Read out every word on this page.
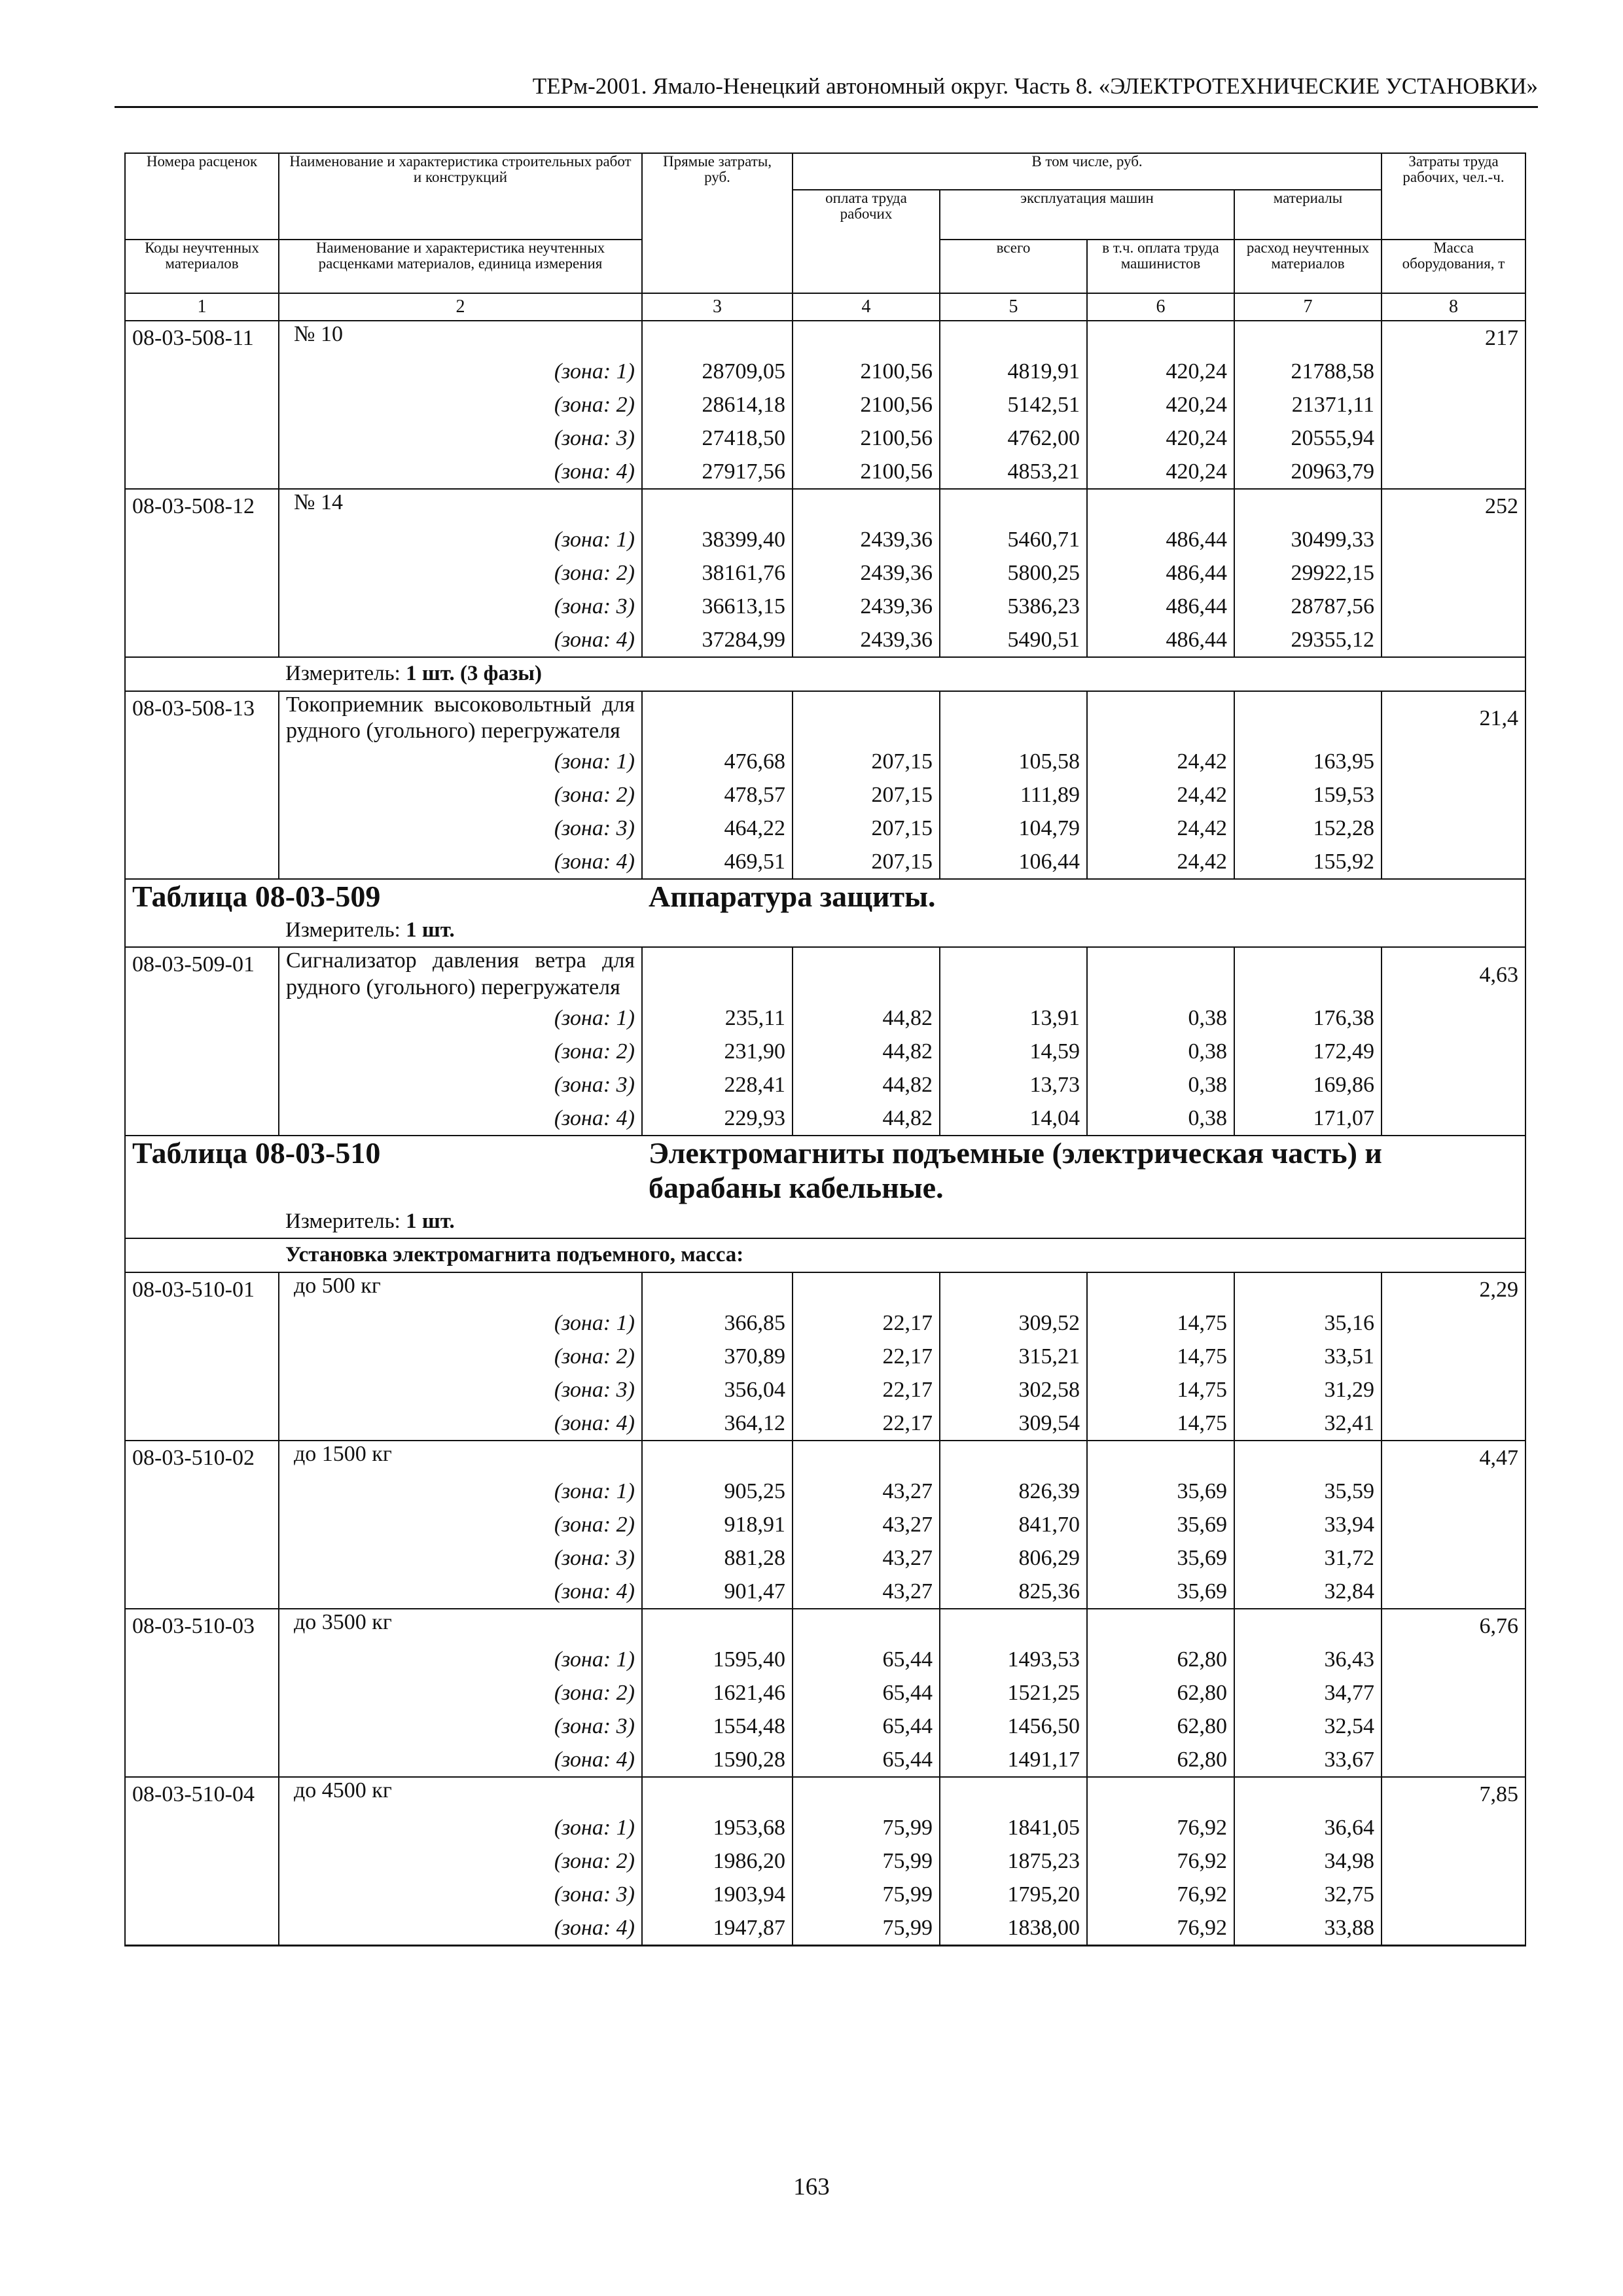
ТЕРм-2001. Ямало-Ненецкий автономный округ. Часть 8. «ЭЛЕКТРОТЕХНИЧЕСКИЕ УСТАНОВКИ»
Номера расценок	Наименование и характеристика строительных работ и конструкций	Прямые затраты, руб.	В том числе, руб.				Затраты труда рабочих, чел.-ч.
			оплата труда рабочих	эксплуатация машин		материалы	
Коды неучтенных материалов	Наименование и характеристика неучтенных расценками материалов, единица измерения			всего	в т.ч. оплата труда машинистов	расход неучтенных материалов	Масса оборудования, т

1	2	3	4	5	6	7	8
08-03-508-11	№ 10						217
	(зона: 1)	28709,05	2100,56	4819,91	420,24	21788,58	
	(зона: 2)	28614,18	2100,56	5142,51	420,24	21371,11	
	(зона: 3)	27418,50	2100,56	4762,00	420,24	20555,94	
	(зона: 4)	27917,56	2100,56	4853,21	420,24	20963,79	
08-03-508-12	№ 14						252
	(зона: 1)	38399,40	2439,36	5460,71	486,44	30499,33	
	(зона: 2)	38161,76	2439,36	5800,25	486,44	29922,15	
	(зона: 3)	36613,15	2439,36	5386,23	486,44	28787,56	
	(зона: 4)	37284,99	2439,36	5490,51	486,44	29355,12	
	Измеритель: 1 шт. (3 фазы)						
08-03-508-13	Токоприемник высоковольтный для рудного (угольного) перегружателя						21,4
	(зона: 1)	476,68	207,15	105,58	24,42	163,95	
	(зона: 2)	478,57	207,15	111,89	24,42	159,53	
	(зона: 3)	464,22	207,15	104,79	24,42	152,28	
	(зона: 4)	469,51	207,15	106,44	24,42	155,92	
Таблица 08-03-509		Аппаратура защиты.					
	Измеритель: 1 шт.						
08-03-509-01	Сигнализатор давления ветра для рудного (угольного) перегружателя						4,63
	(зона: 1)	235,11	44,82	13,91	0,38	176,38	
	(зона: 2)	231,90	44,82	14,59	0,38	172,49	
	(зона: 3)	228,41	44,82	13,73	0,38	169,86	
	(зона: 4)	229,93	44,82	14,04	0,38	171,07	
Таблица 08-03-510		Электромагниты подъемные (электрическая часть) и барабаны кабельные.					
	Измеритель: 1 шт.						
	Установка электромагнита подъемного, масса:						
08-03-510-01	до 500 кг						2,29
	(зона: 1)	366,85	22,17	309,52	14,75	35,16	
	(зона: 2)	370,89	22,17	315,21	14,75	33,51	
	(зона: 3)	356,04	22,17	302,58	14,75	31,29	
	(зона: 4)	364,12	22,17	309,54	14,75	32,41	
08-03-510-02	до 1500 кг						4,47
	(зона: 1)	905,25	43,27	826,39	35,69	35,59	
	(зона: 2)	918,91	43,27	841,70	35,69	33,94	
	(зона: 3)	881,28	43,27	806,29	35,69	31,72	
	(зона: 4)	901,47	43,27	825,36	35,69	32,84	
08-03-510-03	до 3500 кг						6,76
	(зона: 1)	1595,40	65,44	1493,53	62,80	36,43	
	(зона: 2)	1621,46	65,44	1521,25	62,80	34,77	
	(зона: 3)	1554,48	65,44	1456,50	62,80	32,54	
	(зона: 4)	1590,28	65,44	1491,17	62,80	33,67	
08-03-510-04	до 4500 кг						7,85
	(зона: 1)	1953,68	75,99	1841,05	76,92	36,64	
	(зона: 2)	1986,20	75,99	1875,23	76,92	34,98	
	(зона: 3)	1903,94	75,99	1795,20	76,92	32,75	
	(зона: 4)	1947,87	75,99	1838,00	76,92	33,88	
163
